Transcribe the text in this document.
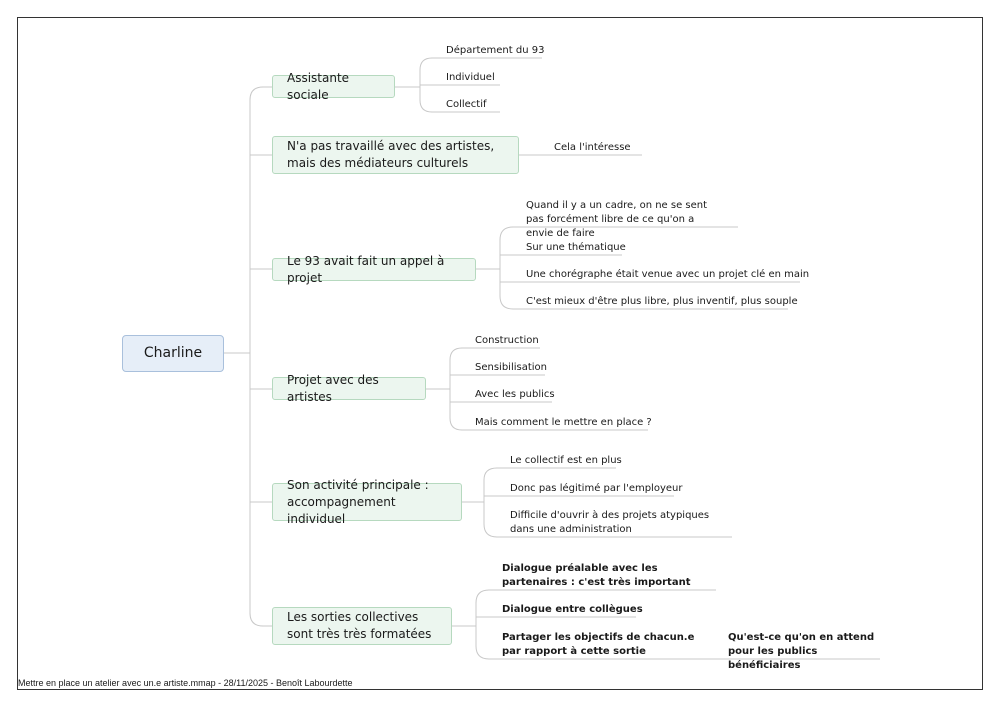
Charline
Assistante sociale
Département du 93
Individuel
Collectif
N'a pas travaillé avec des artistes, mais des médiateurs culturels
Cela l'intéresse
Le 93 avait fait un appel à projet
Quand il y a un cadre, on ne se sent pas forcément libre de ce qu'on a envie de faire
Sur une thématique
Une chorégraphe était venue avec un projet clé en main
C'est mieux d'être plus libre, plus inventif, plus souple
Projet avec des artistes
Construction
Sensibilisation
Avec les publics
Mais comment le mettre en place ?
Son activité principale : accompagnement individuel
Le collectif est en plus
Donc pas légitimé par l'employeur
Difficile d'ouvrir à des projets atypiques dans une administration
Les sorties collectives sont très très formatées
Dialogue préalable avec les partenaires : c'est très important
Dialogue entre collègues
Partager les objectifs de chacun.e par rapport à cette sortie
Qu'est-ce qu'on en attend pour les publics bénéficiaires
Mettre en place un atelier avec un.e artiste.mmap - 28/11/2025 - Benoît Labourdette
